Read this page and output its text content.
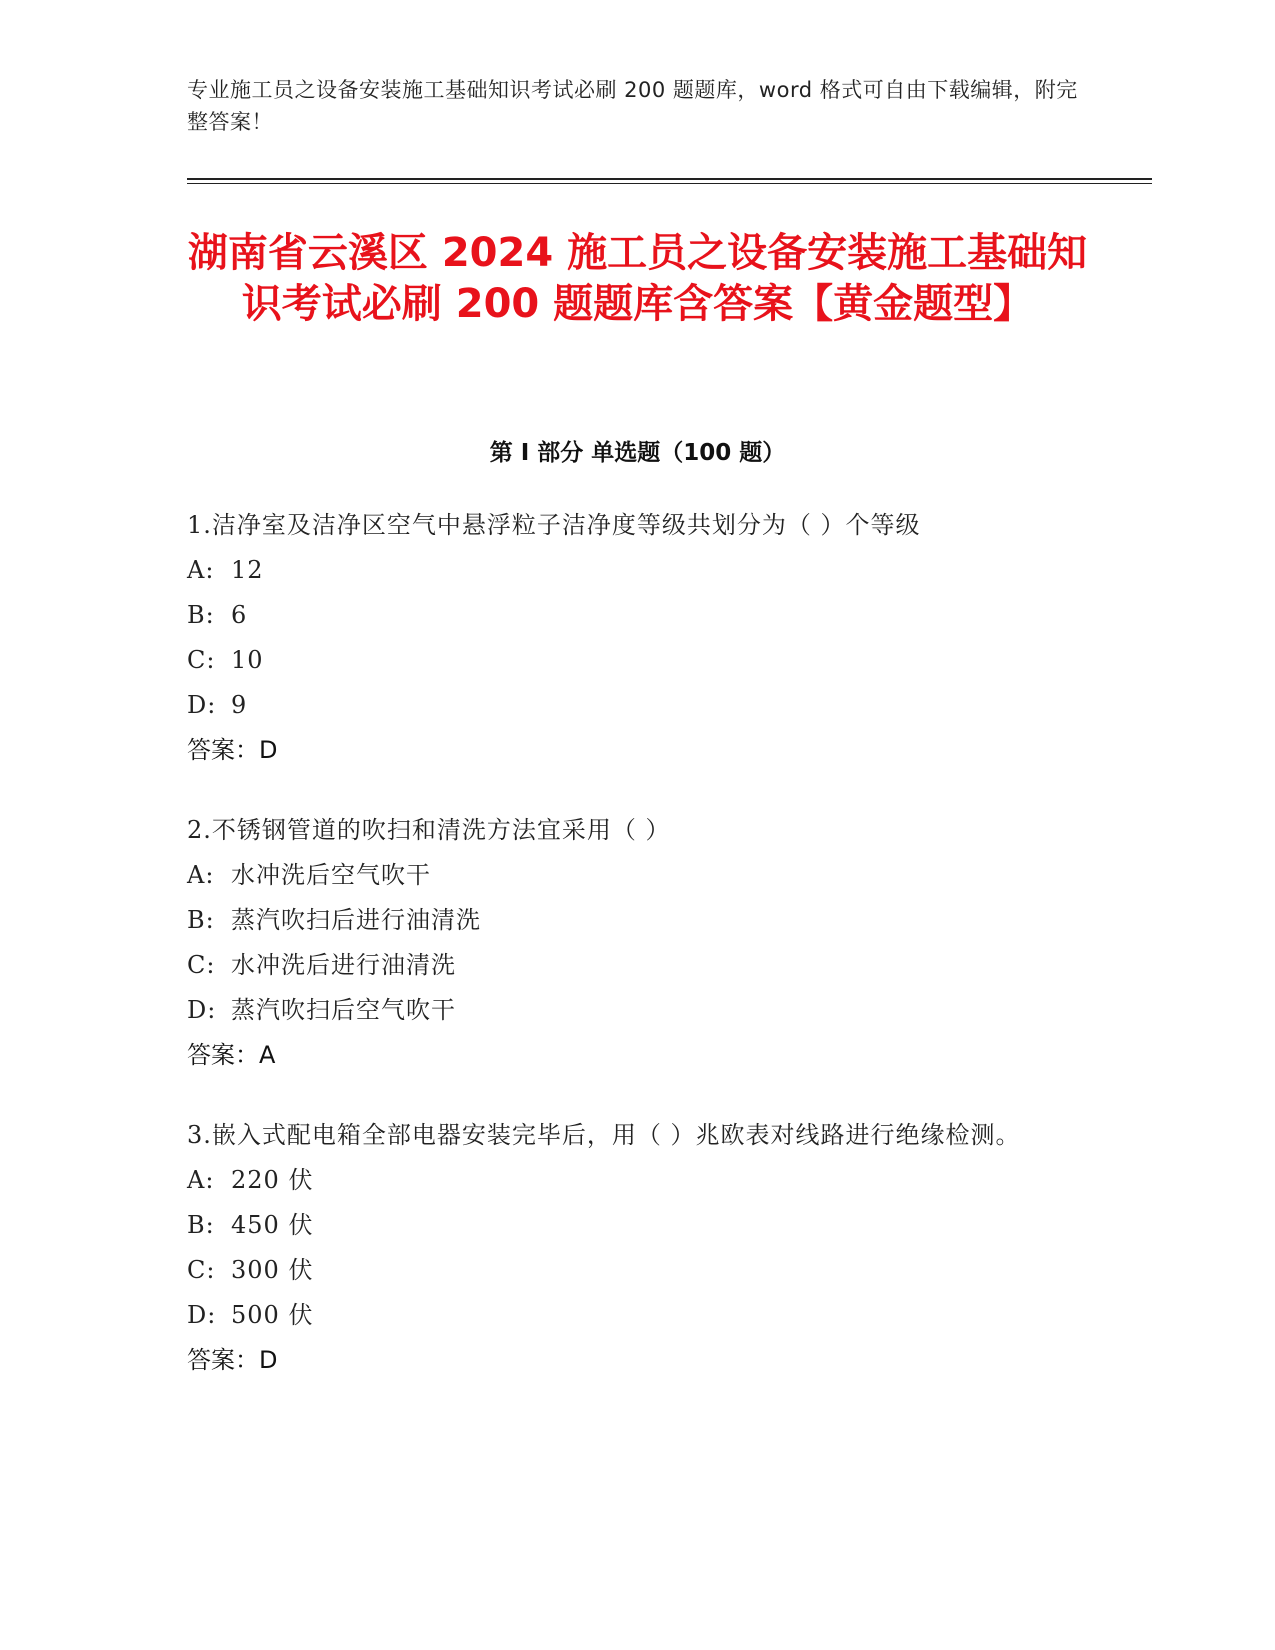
专业施工员之设备安装施工基础知识考试必刷 200 题题库，word 格式可自由下载编辑，附完整答案！
湖南省云溪区 2024 施工员之设备安装施工基础知识考试必刷 200 题题库含答案【黄金题型】
第 I 部分 单选题（100 题）
1.洁净室及洁净区空气中悬浮粒子洁净度等级共划分为（ ）个等级
A: 12
B: 6
C: 10
D: 9
答案：D
2.不锈钢管道的吹扫和清洗方法宜采用（ ）
A: 水冲洗后空气吹干
B: 蒸汽吹扫后进行油清洗
C: 水冲洗后进行油清洗
D: 蒸汽吹扫后空气吹干
答案：A
3.嵌入式配电箱全部电器安装完毕后，用（ ）兆欧表对线路进行绝缘检测。
A: 220 伏
B: 450 伏
C: 300 伏
D: 500 伏
答案：D
